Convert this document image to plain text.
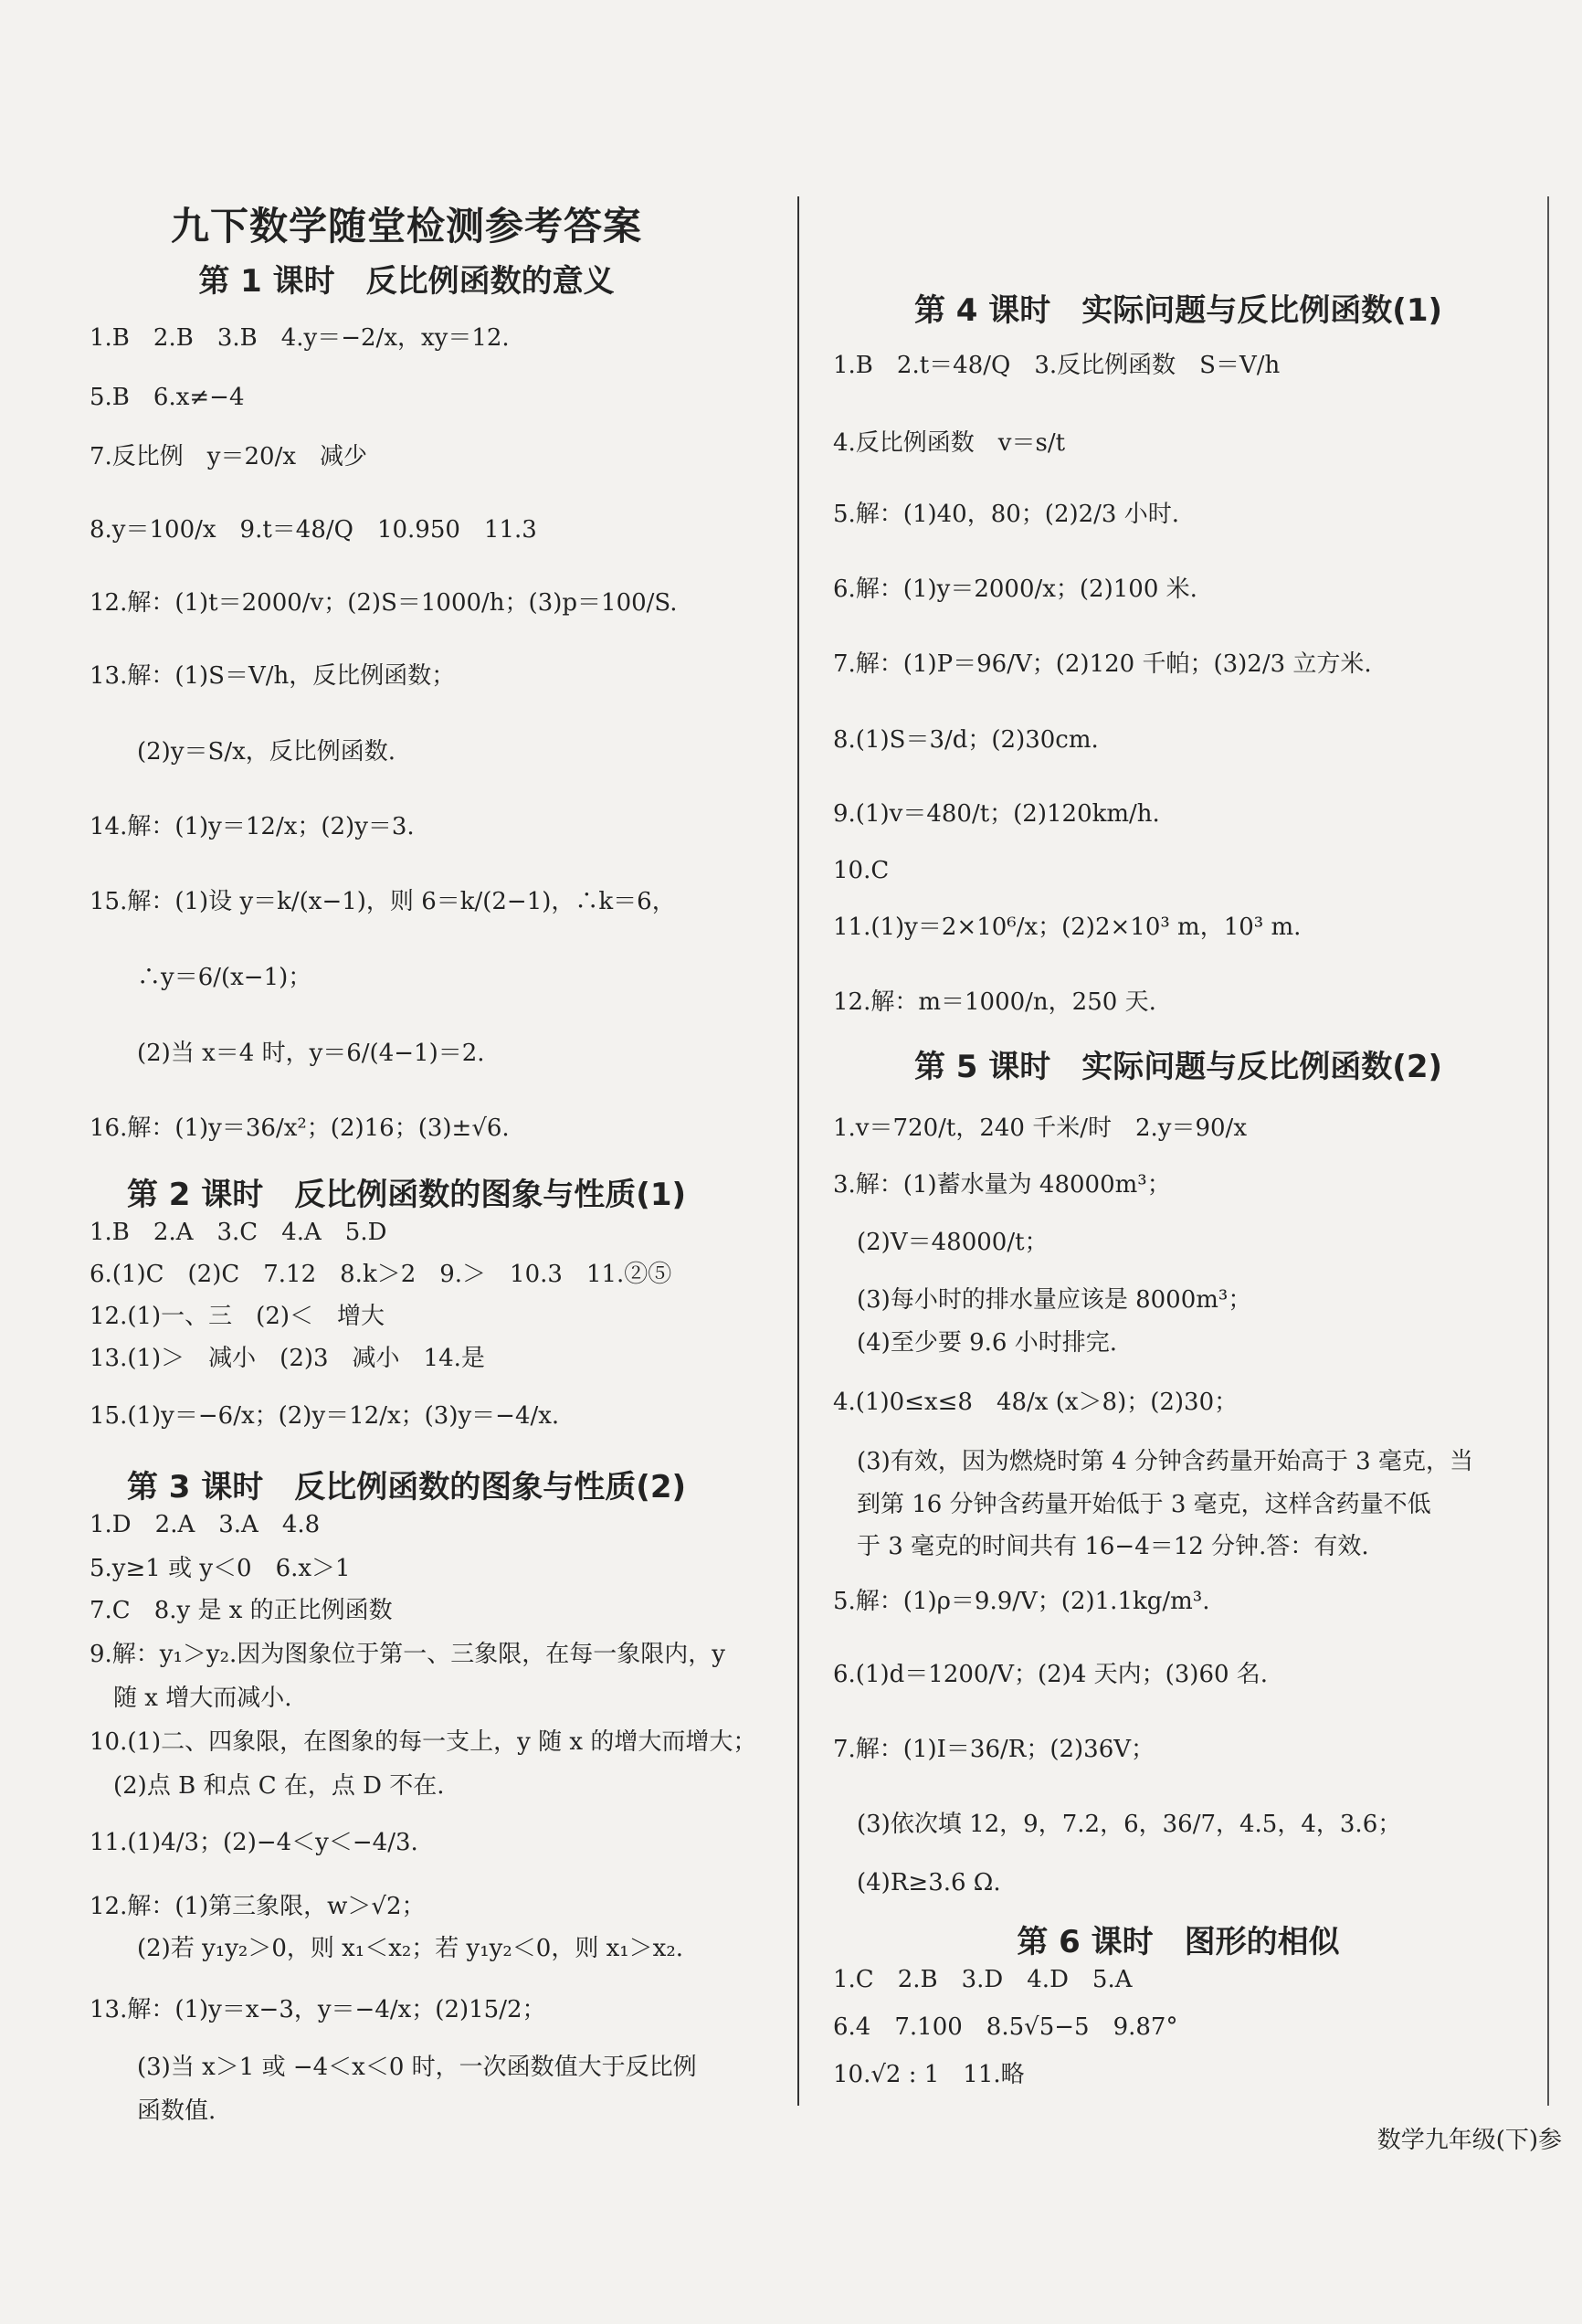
九下数学随堂检测参考答案
第 1 课时　反比例函数的意义
1.B　2.B　3.B　4.y＝−2/x，xy＝12.
5.B　6.x≠−4
7.反比例　y＝20/x　减少
8.y＝100/x　9.t＝48/Q　10.950　11.3
12.解：(1)t＝2000/v；(2)S＝1000/h；(3)p＝100/S.
13.解：(1)S＝V/h，反比例函数；
　　(2)y＝S/x，反比例函数.
14.解：(1)y＝12/x；(2)y＝3.
15.解：(1)设 y＝k/(x−1)，则 6＝k/(2−1)，∴k＝6，
　　∴y＝6/(x−1)；
　　(2)当 x＝4 时，y＝6/(4−1)＝2.
16.解：(1)y＝36/x²；(2)16；(3)±√6.
第 2 课时　反比例函数的图象与性质(1)
1.B　2.A　3.C　4.A　5.D
6.(1)C　(2)C　7.12　8.k＞2　9.＞　10.3　11.②⑤
12.(1)一、三　(2)＜　增大
13.(1)＞　减小　(2)3　减小　14.是
15.(1)y＝−6/x；(2)y＝12/x；(3)y＝−4/x.
第 3 课时　反比例函数的图象与性质(2)
1.D　2.A　3.A　4.8
5.y≥1 或 y＜0　6.x＞1
7.C　8.y 是 x 的正比例函数
9.解：y₁＞y₂.因为图象位于第一、三象限，在每一象限内，y
　随 x 增大而减小.
10.(1)二、四象限，在图象的每一支上，y 随 x 的增大而增大；
　(2)点 B 和点 C 在，点 D 不在.
11.(1)4/3；(2)−4＜y＜−4/3.
12.解：(1)第三象限，w＞√2；
　　(2)若 y₁y₂＞0，则 x₁＜x₂；若 y₁y₂＜0，则 x₁＞x₂.
13.解：(1)y＝x−3，y＝−4/x；(2)15/2；
　　(3)当 x＞1 或 −4＜x＜0 时，一次函数值大于反比例
　　函数值.
第 4 课时　实际问题与反比例函数(1)
1.B　2.t＝48/Q　3.反比例函数　S＝V/h
4.反比例函数　v＝s/t
5.解：(1)40，80；(2)2/3 小时.
6.解：(1)y＝2000/x；(2)100 米.
7.解：(1)P＝96/V；(2)120 千帕；(3)2/3 立方米.
8.(1)S＝3/d；(2)30cm.
9.(1)v＝480/t；(2)120km/h.
10.C
11.(1)y＝2×10⁶/x；(2)2×10³ m，10³ m.
12.解：m＝1000/n，250 天.
第 5 课时　实际问题与反比例函数(2)
1.v＝720/t，240 千米/时　2.y＝90/x
3.解：(1)蓄水量为 48000m³；
　(2)V＝48000/t；
　(3)每小时的排水量应该是 8000m³；
　(4)至少要 9.6 小时排完.
4.(1)0≤x≤8　48/x (x＞8)；(2)30；
　(3)有效，因为燃烧时第 4 分钟含药量开始高于 3 毫克，当
　到第 16 分钟含药量开始低于 3 毫克，这样含药量不低
　于 3 毫克的时间共有 16−4＝12 分钟.答：有效.
5.解：(1)ρ＝9.9/V；(2)1.1kg/m³.
6.(1)d＝1200/V；(2)4 天内；(3)60 名.
7.解：(1)I＝36/R；(2)36V；
　(3)依次填 12，9，7.2，6，36/7，4.5，4，3.6；
　(4)R≥3.6 Ω.
第 6 课时　图形的相似
1.C　2.B　3.D　4.D　5.A
6.4　7.100　8.5√5−5　9.87°
10.√2 : 1　11.略
数学九年级(下)参
